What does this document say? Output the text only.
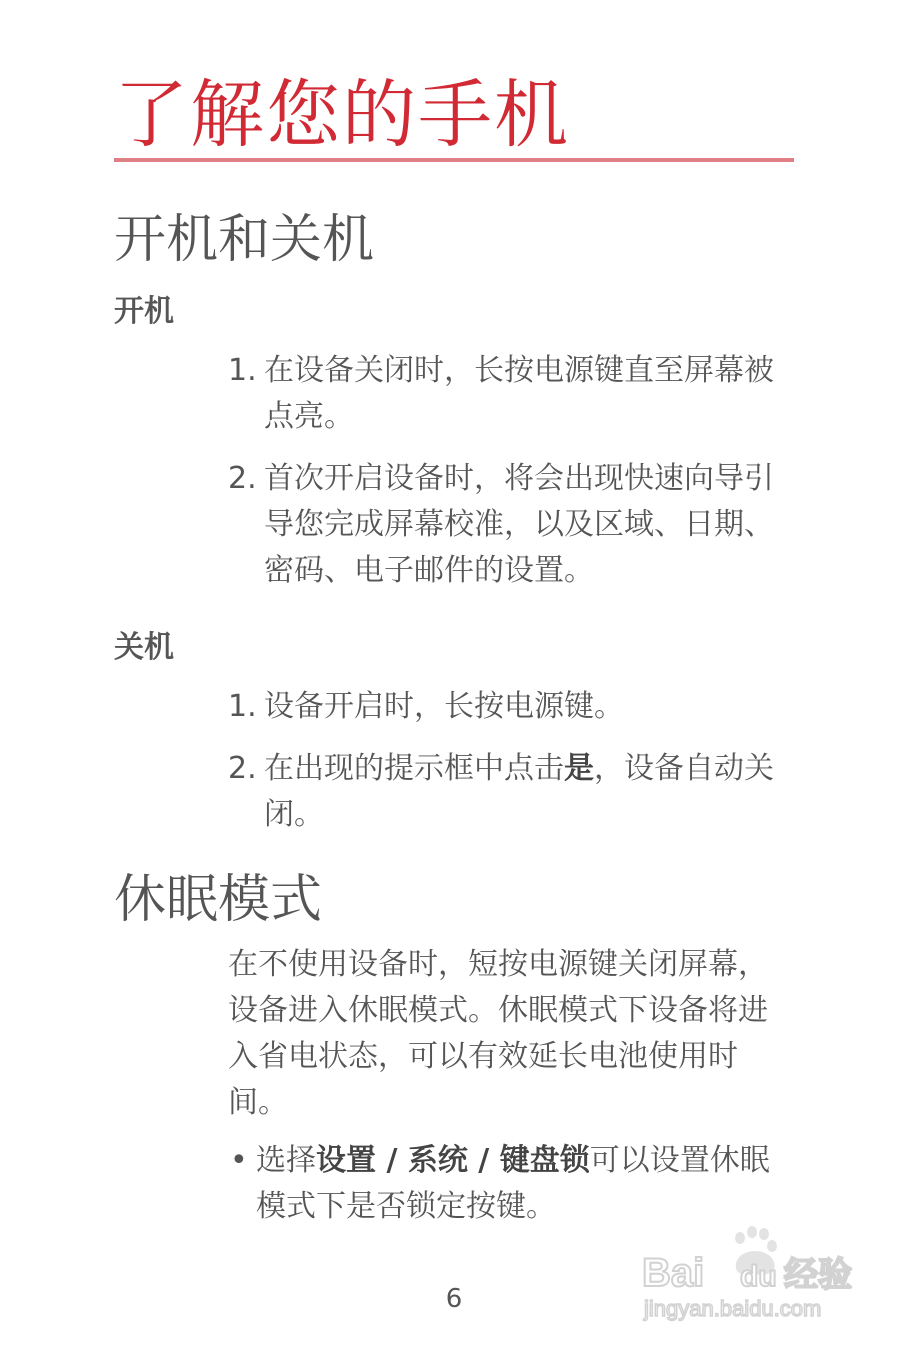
了解您的手机
开机和关机
开机
1. 在设备关闭时，长按电源键直至屏幕被点亮。
2. 首次开启设备时，将会出现快速向导引导您完成屏幕校准，以及区域、日期、密码、电子邮件的设置。
关机
1. 设备开启时，长按电源键。
2. 在出现的提示框中点击是，设备自动关闭。
休眠模式

在不使用设备时，短按电源键关闭屏幕，设备进入休眠模式。休眠模式下设备将进入省电状态，可以有效延长电池使用时间。

• 选择设置 / 系统 / 键盘锁可以设置休眠模式下是否锁定按键。
6
Bai du 经验
jingyan.baidu.com
